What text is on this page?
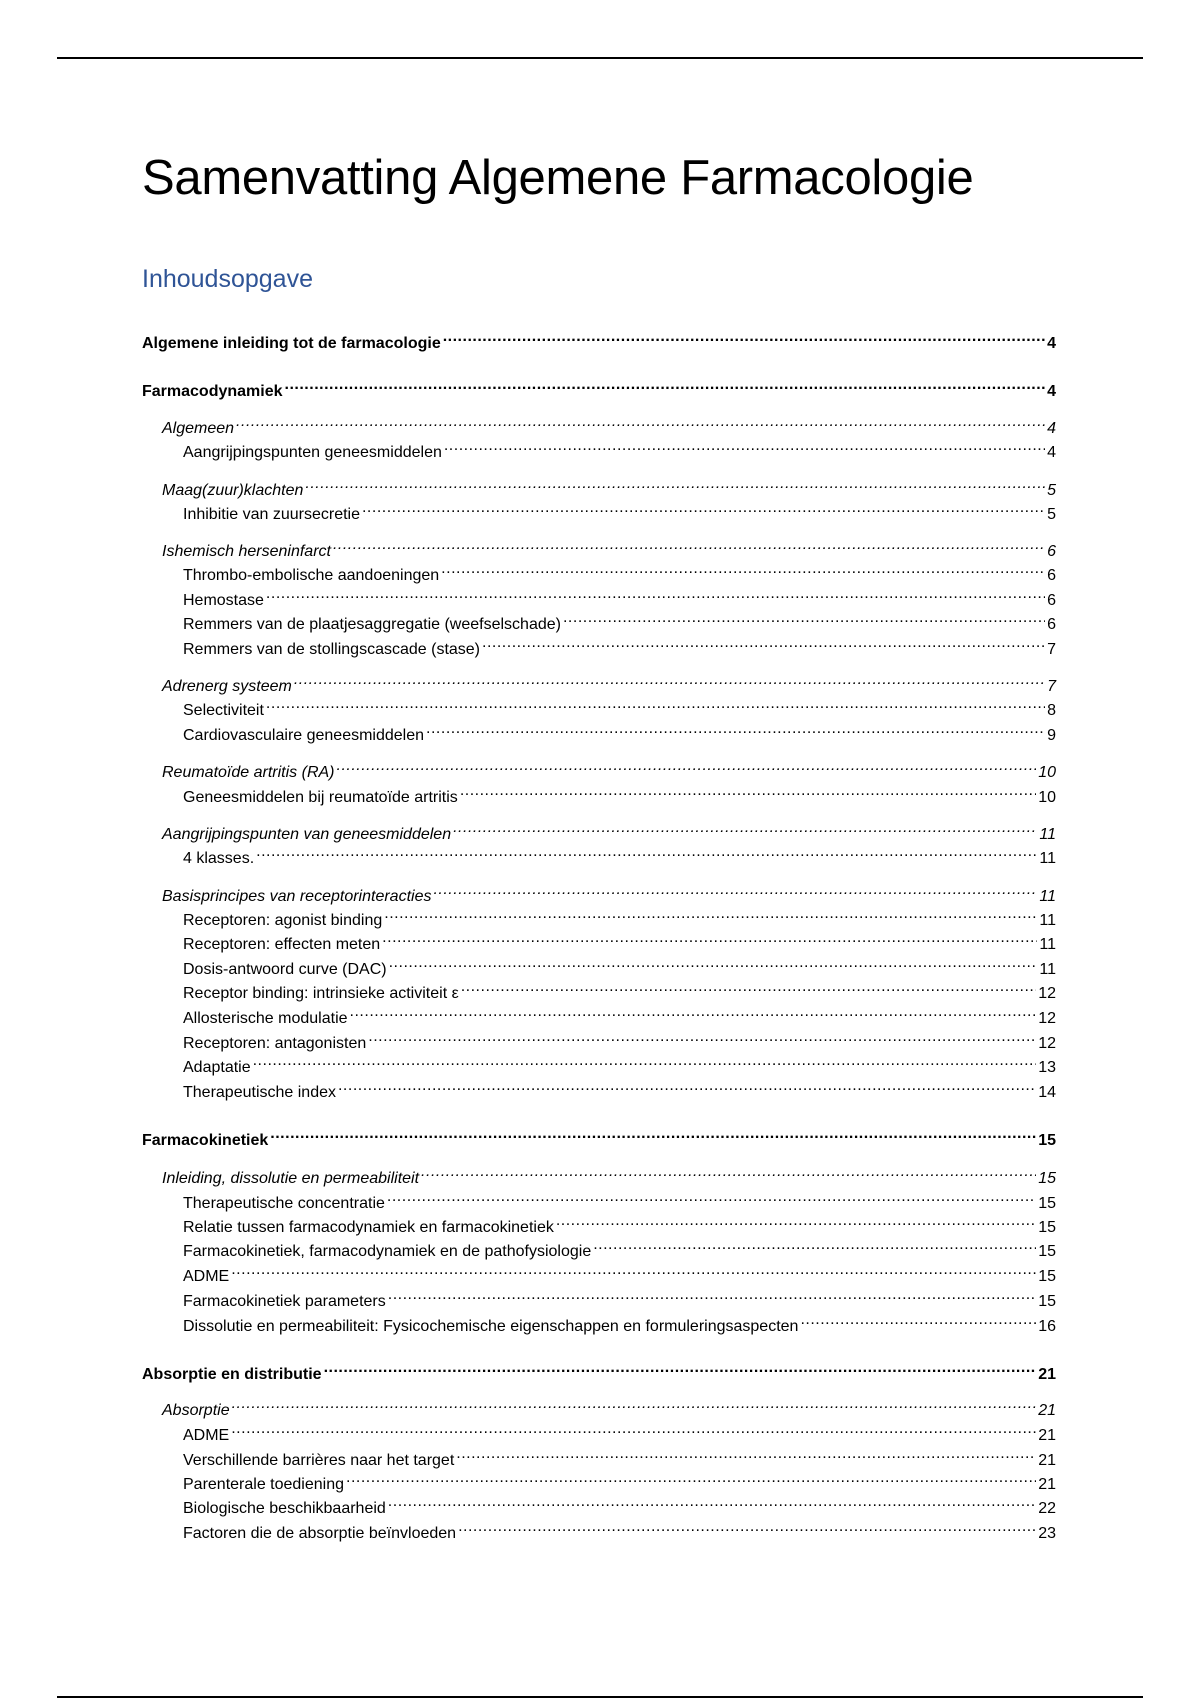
Samenvatting Algemene Farmacologie
Inhoudsopgave
Algemene inleiding tot de farmacologie .....	4
Farmacodynamiek .....	4
Algemeen .....	4
Aangrijpingspunten geneesmiddelen .....	4
Maag(zuur)klachten .....	5
Inhibitie van zuursecretie .....	5
Ishemisch herseninfarct .....	6
Thrombo-embolische aandoeningen .....	6
Hemostase .....	6
Remmers van de plaatjesaggregatie (weefselschade) .....	6
Remmers van de stollingscascade (stase) .....	7
Adrenerg systeem .....	7
Selectiviteit .....	8
Cardiovasculaire geneesmiddelen .....	9
Reumatoïde artritis (RA) .....	10
Geneesmiddelen bij reumatoïde artritis .....	10
Aangrijpingspunten van geneesmiddelen .....	11
4 klasses. .....	11
Basisprincipes van receptorinteracties .....	11
Receptoren: agonist binding .....	11
Receptoren: effecten meten .....	11
Dosis-antwoord curve (DAC) .....	11
Receptor binding: intrinsieke activiteit ε .....	12
Allosterische modulatie .....	12
Receptoren: antagonisten .....	12
Adaptatie .....	13
Therapeutische index .....	14
Farmacokinetiek .....	15
Inleiding, dissolutie en permeabiliteit .....	15
Therapeutische concentratie .....	15
Relatie tussen farmacodynamiek en farmacokinetiek .....	15
Farmacokinetiek, farmacodynamiek en de pathofysiologie .....	15
ADME .....	15
Farmacokinetiek parameters .....	15
Dissolutie en permeabiliteit: Fysicochemische eigenschappen en formuleringsaspecten .....	16
Absorptie en distributie .....	21
Absorptie .....	21
ADME .....	21
Verschillende barrières naar het target .....	21
Parenterale toediening .....	21
Biologische beschikbaarheid .....	22
Factoren die de absorptie beïnvloeden .....	23
